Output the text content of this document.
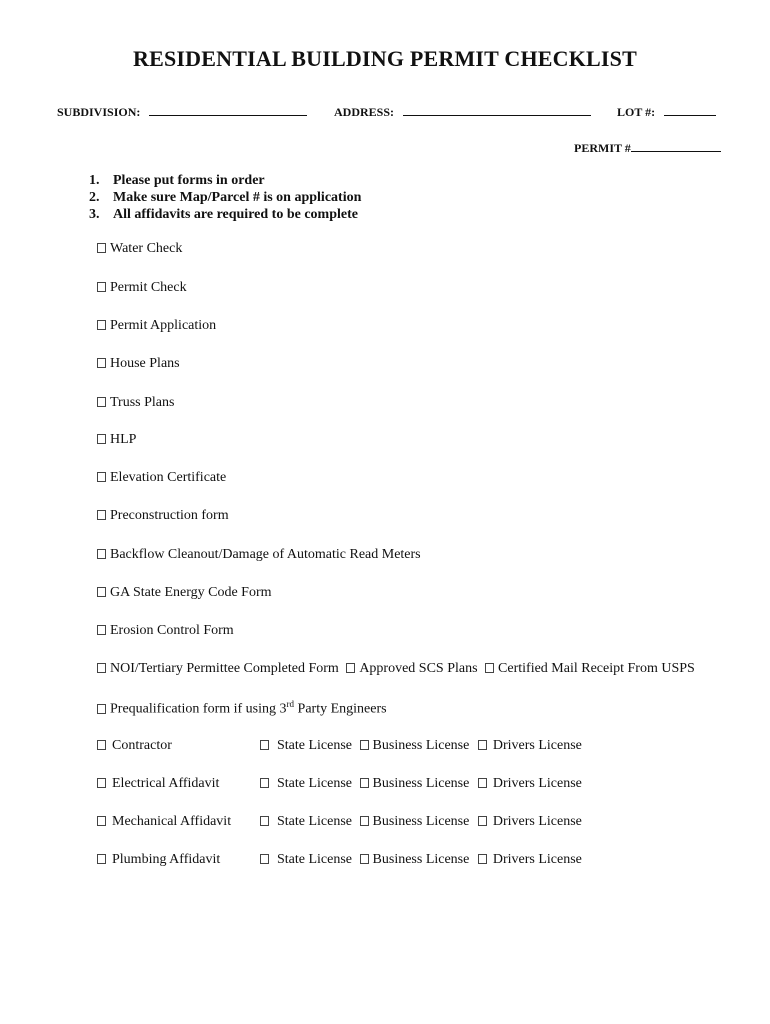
RESIDENTIAL BUILDING PERMIT CHECKLIST
SUBDIVISION:	ADDRESS:	LOT #:
PERMIT #
1. Please put forms in order
2. Make sure Map/Parcel # is on application
3. All affidavits are required to be complete
Water Check
Permit Check
Permit Application
House Plans
Truss Plans
HLP
Elevation Certificate
Preconstruction form
Backflow Cleanout/Damage of Automatic Read Meters
GA State Energy Code Form
Erosion Control Form
NOI/Tertiary Permittee Completed Form Approved SCS Plans Certified Mail Receipt From USPS
Prequalification form if using 3rd Party Engineers
Contractor	State License Business License Drivers License
Electrical Affidavit	State License Business License Drivers License
Mechanical Affidavit	State License Business License Drivers License
Plumbing Affidavit	State License Business License Drivers License
